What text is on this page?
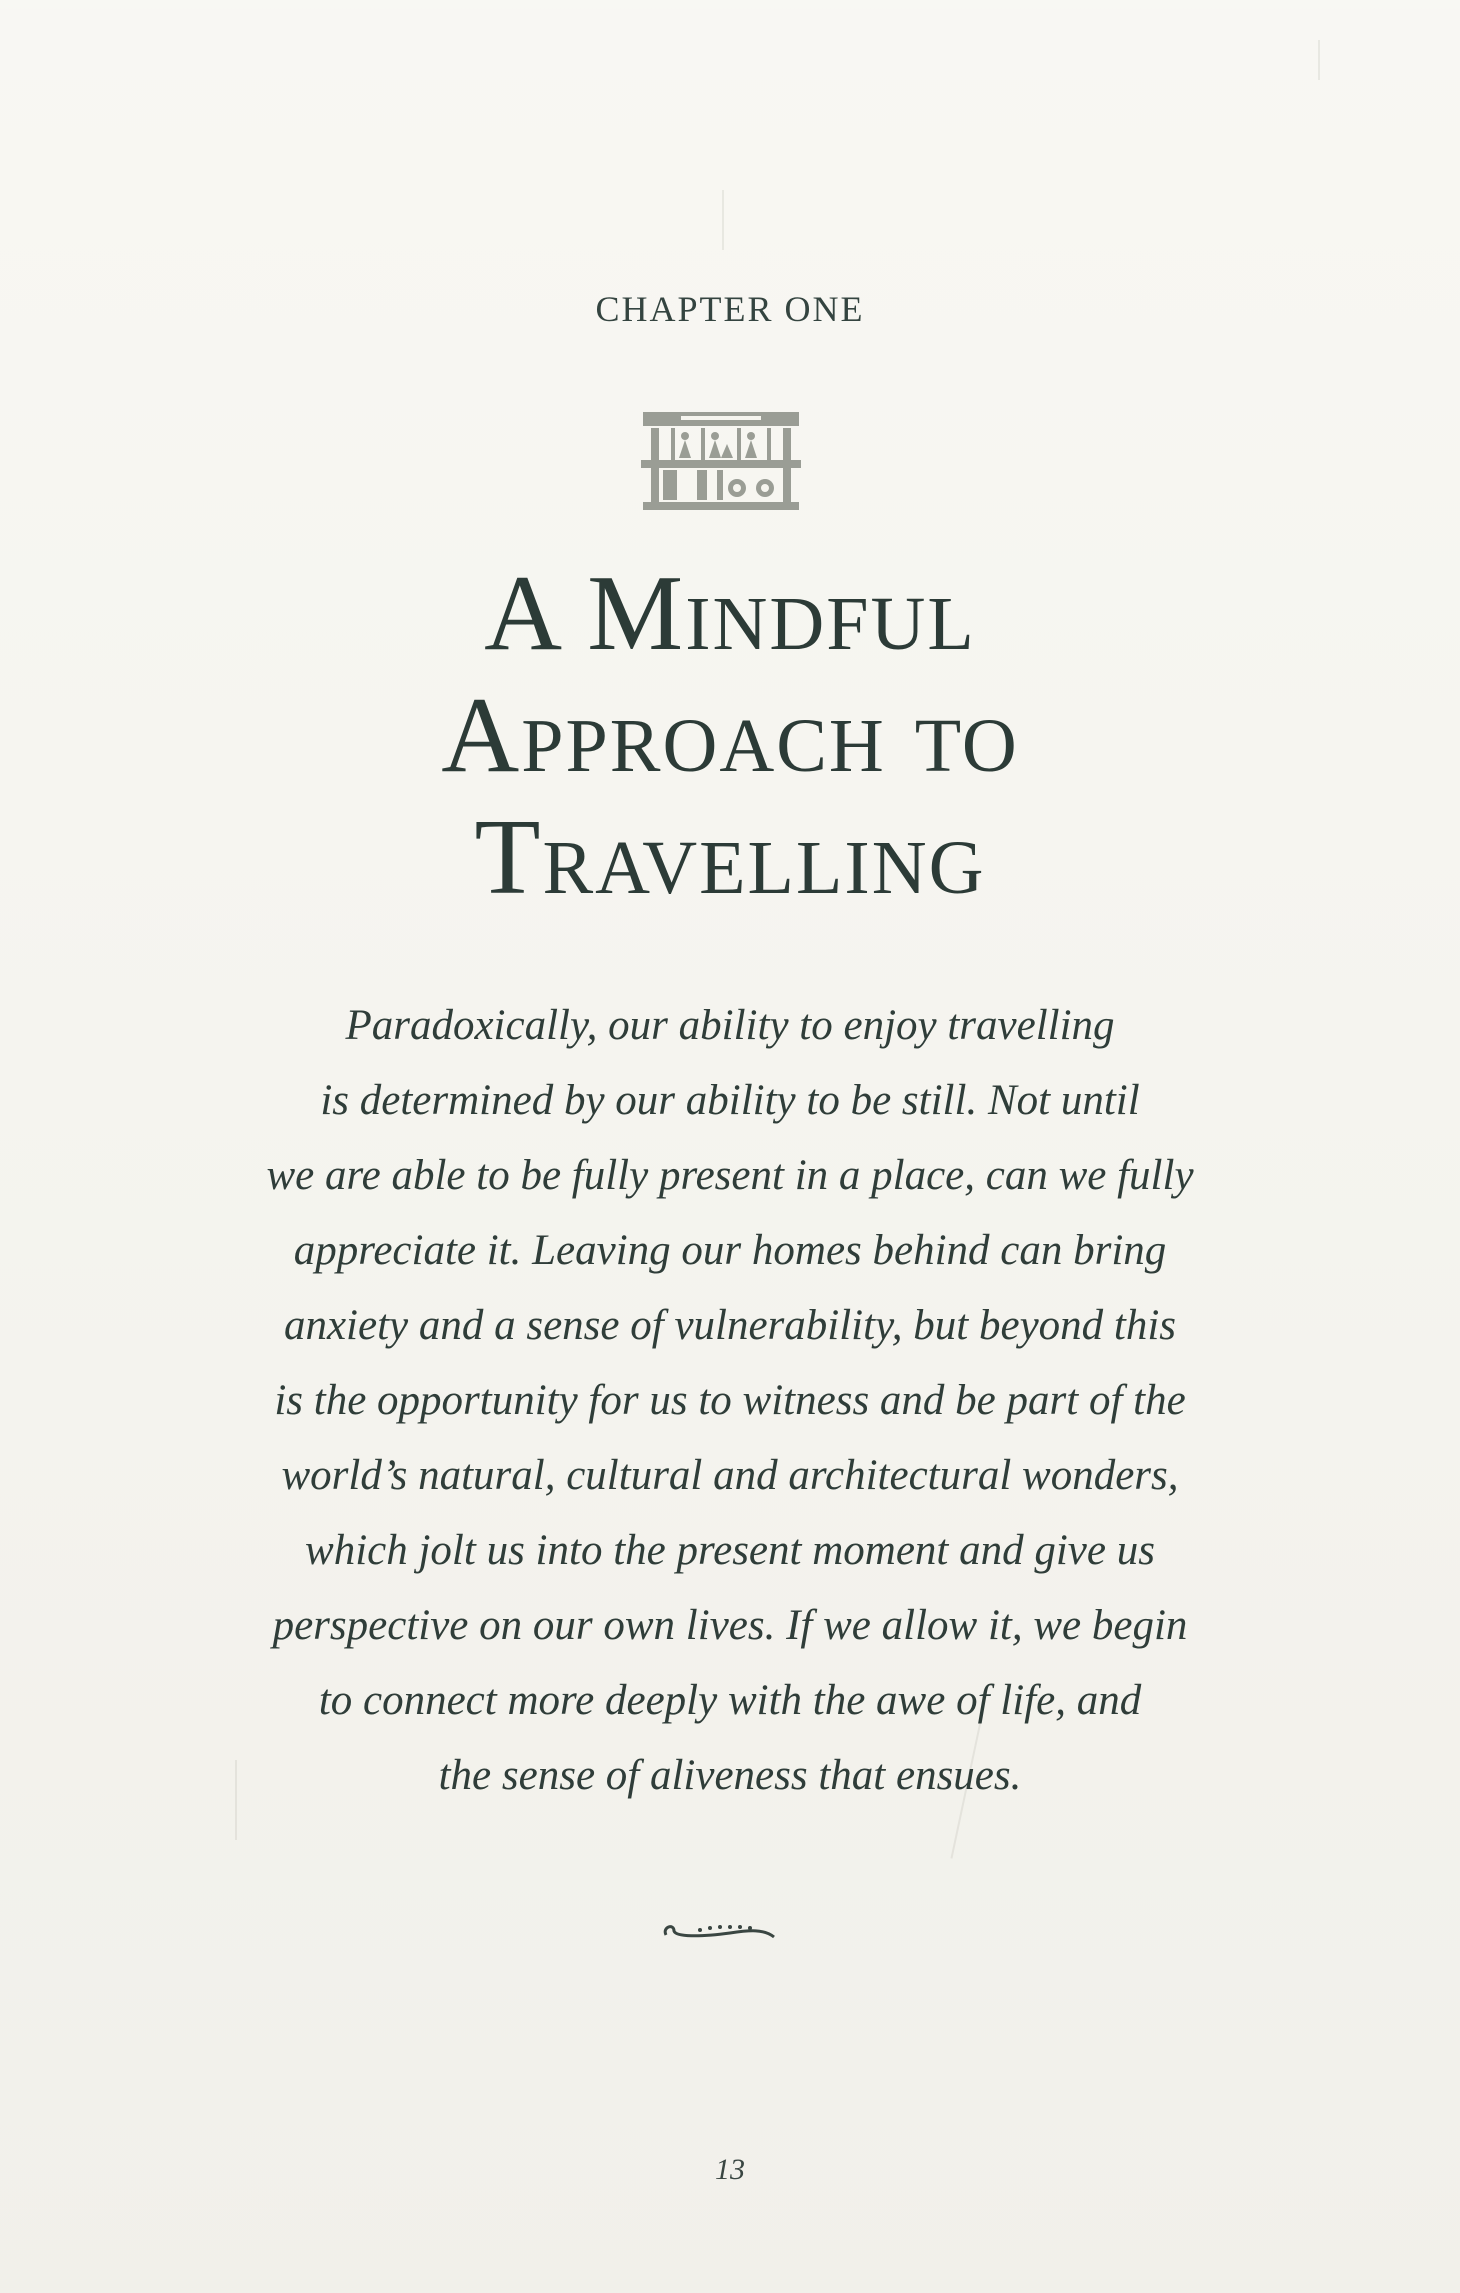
CHAPTER ONE
A Mindful
Approach to
Travelling
Paradoxically, our ability to enjoy travelling
is determined by our ability to be still. Not until
we are able to be fully present in a place, can we fully
appreciate it. Leaving our homes behind can bring
anxiety and a sense of vulnerability, but beyond this
is the opportunity for us to witness and be part of the
world’s natural, cultural and architectural wonders,
which jolt us into the present moment and give us
perspective on our own lives. If we allow it, we begin
to connect more deeply with the awe of life, and
the sense of aliveness that ensues.
13
